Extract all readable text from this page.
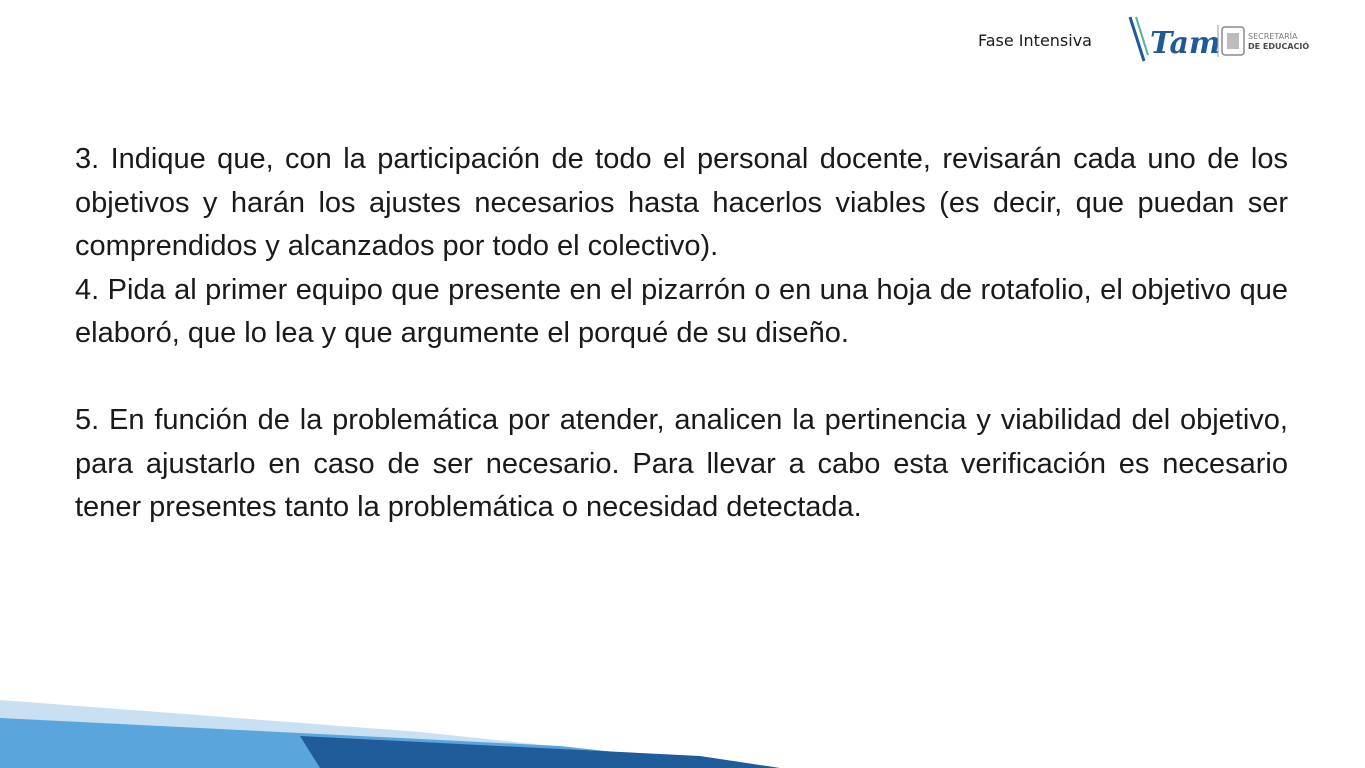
Fase Intensiva Tam	SECRETARÍA
DE EDUCACIÓN

3. Indique que, con la participación de todo el personal docente, revisarán cada uno de los objetivos y harán los ajustes necesarios hasta hacerlos viables (es decir, que puedan ser comprendidos y alcanzados por todo el colectivo).

4. Pida al primer equipo que presente en el pizarrón o en una hoja de rotafolio, el objetivo que elaboró, que lo lea y que argumente el porqué de su diseño.

5. En función de la problemática por atender, analicen la pertinencia y viabilidad del objetivo, para ajustarlo en caso de ser necesario. Para llevar a cabo esta verificación es necesario tener presentes tanto la problemática o necesidad detectada.
